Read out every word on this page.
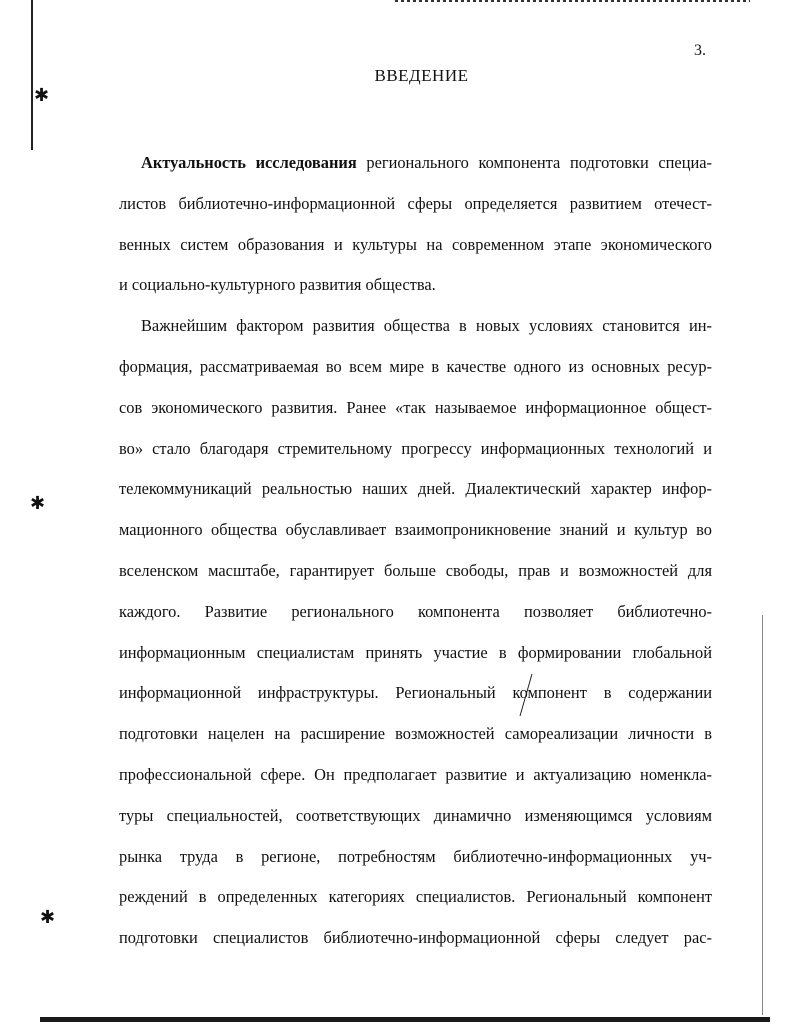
✱
✱
✱
3.
ВВЕДЕНИЕ
Актуальность исследования регионального компонента подготовки специа-
листов библиотечно-информационной сферы определяется развитием отечест-
венных систем образования и культуры на современном этапе экономического
и социально-культурного развития общества.
Важнейшим фактором развития общества в новых условиях становится ин-
формация, рассматриваемая во всем мире в качестве одного из основных ресур-
сов экономического развития. Ранее «так называемое информационное общест-
во» стало благодаря стремительному прогрессу информационных технологий и
телекоммуникаций реальностью наших дней. Диалектический характер инфор-
мационного общества обуславливает взаимопроникновение знаний и культур во
вселенском масштабе, гарантирует больше свободы, прав и возможностей для
каждого. Развитие регионального компонента позволяет библиотечно-
информационным специалистам принять участие в формировании глобальной
информационной инфраструктуры. Региональный компонент в содержании
подготовки нацелен на расширение возможностей самореализации личности в
профессиональной сфере. Он предполагает развитие и актуализацию номенкла-
туры специальностей, соответствующих динамично изменяющимся условиям
рынка труда в регионе, потребностям библиотечно-информационных уч-
реждений в определенных категориях специалистов. Региональный компонент
подготовки специалистов библиотечно-информационной сферы следует рас-
